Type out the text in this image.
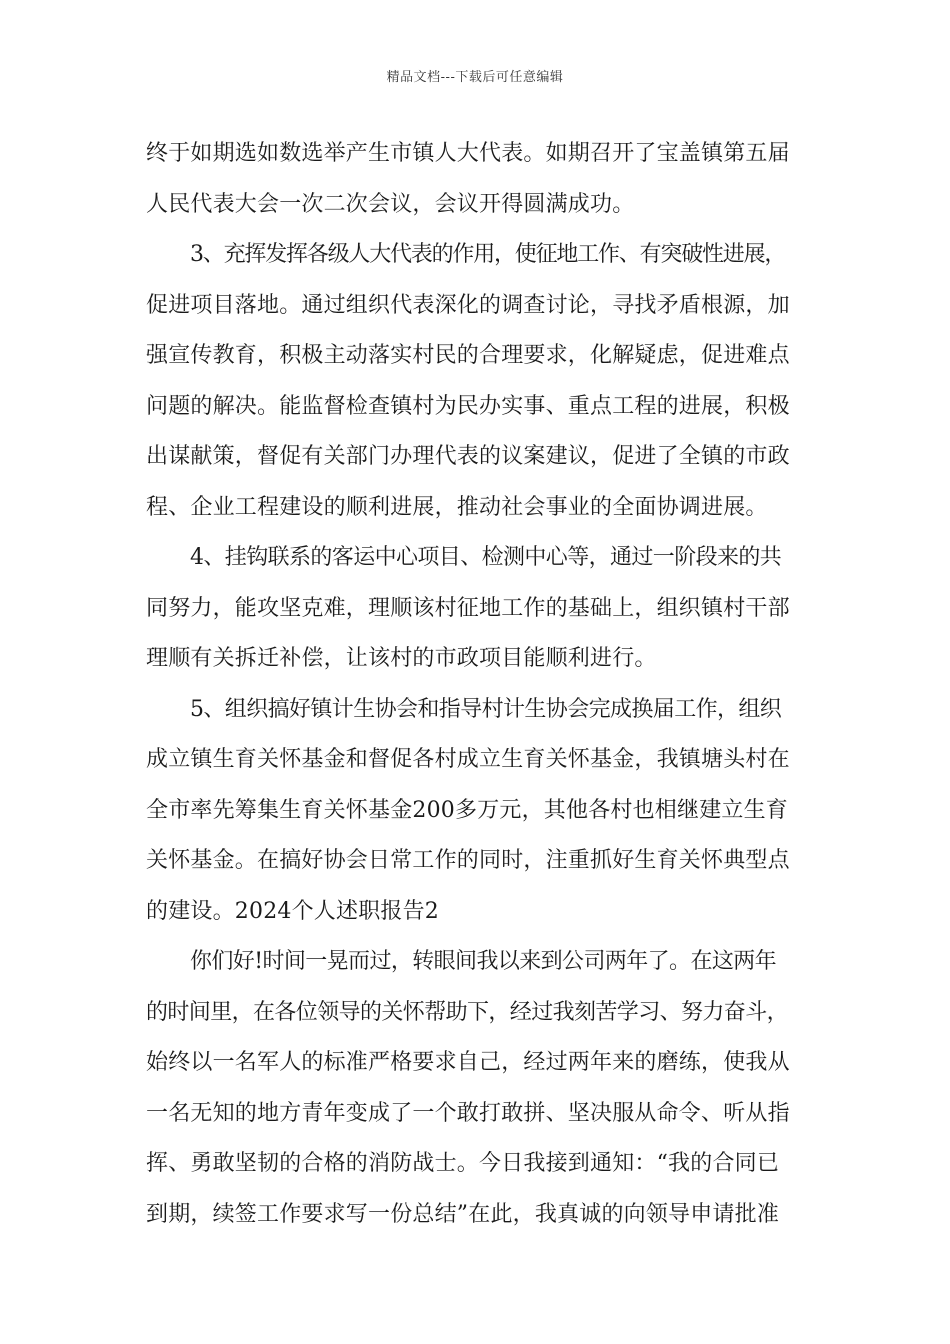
精品文档---下载后可任意编辑
终于如期选如数选举产生市镇人大代表。如期召开了宝盖镇第五届
人民代表大会一次二次会议，会议开得圆满成功。
3、充挥发挥各级人大代表的作用，使征地工作、有突破性进展，
促进项目落地。通过组织代表深化的调查讨论，寻找矛盾根源，加
强宣传教育，积极主动落实村民的合理要求，化解疑虑，促进难点
问题的解决。能监督检查镇村为民办实事、重点工程的进展，积极
出谋献策，督促有关部门办理代表的议案建议，促进了全镇的市政
程、企业工程建设的顺利进展，推动社会事业的全面协调进展。
4、挂钩联系的客运中心项目、检测中心等，通过一阶段来的共
同努力，能攻坚克难，理顺该村征地工作的基础上，组织镇村干部
理顺有关拆迁补偿，让该村的市政项目能顺利进行。
5、组织搞好镇计生协会和指导村计生协会完成换届工作，组织
成立镇生育关怀基金和督促各村成立生育关怀基金，我镇塘头村在
全市率先筹集生育关怀基金200多万元，其他各村也相继建立生育
关怀基金。在搞好协会日常工作的同时，注重抓好生育关怀典型点
的建设。2024个人述职报告2
你们好!时间一晃而过，转眼间我以来到公司两年了。在这两年
的时间里，在各位领导的关怀帮助下，经过我刻苦学习、努力奋斗，
始终以一名军人的标准严格要求自己，经过两年来的磨练，使我从
一名无知的地方青年变成了一个敢打敢拼、坚决服从命令、听从指
挥、勇敢坚韧的合格的消防战士。今日我接到通知：“我的合同已
到期，续签工作要求写一份总结”在此，我真诚的向领导申请批准
